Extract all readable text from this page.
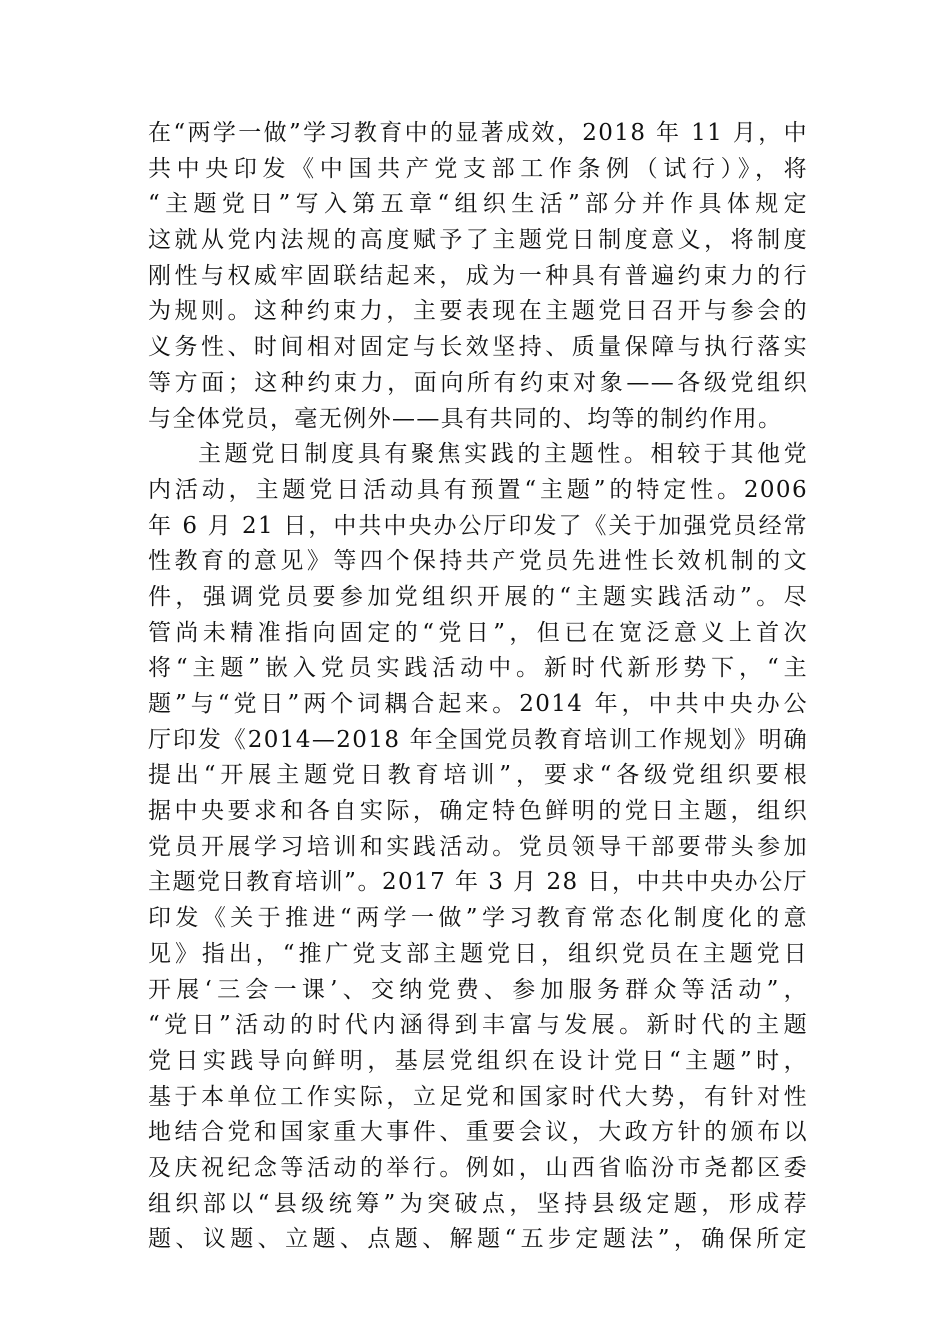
在“两学一做”学习教育中的显著成效，2018 年 11 月，中
共中央印发《中国共产党支部工作条例（试行）》，将
“主题党日”写入第五章“组织生活”部分并作具体规定
这就从党内法规的高度赋予了主题党日制度意义，将制度
刚性与权威牢固联结起来，成为一种具有普遍约束力的行
为规则。这种约束力，主要表现在主题党日召开与参会的
义务性、时间相对固定与长效坚持、质量保障与执行落实
等方面；这种约束力，面向所有约束对象——各级党组织
与全体党员，毫无例外——具有共同的、均等的制约作用。
主题党日制度具有聚焦实践的主题性。相较于其他党
内活动，主题党日活动具有预置“主题”的特定性。2006
年 6 月 21 日，中共中央办公厅印发了《关于加强党员经常
性教育的意见》等四个保持共产党员先进性长效机制的文
件，强调党员要参加党组织开展的“主题实践活动”。尽
管尚未精准指向固定的“党日”，但已在宽泛意义上首次
将“主题”嵌入党员实践活动中。新时代新形势下，“主
题”与“党日”两个词耦合起来。2014 年，中共中央办公
厅印发《2014—2018 年全国党员教育培训工作规划》明确
提出“开展主题党日教育培训”，要求“各级党组织要根
据中央要求和各自实际，确定特色鲜明的党日主题，组织
党员开展学习培训和实践活动。党员领导干部要带头参加
主题党日教育培训”。2017 年 3 月 28 日，中共中央办公厅
印发《关于推进“两学一做”学习教育常态化制度化的意
见》指出，“推广党支部主题党日，组织党员在主题党日
开展‘三会一课’、交纳党费、参加服务群众等活动”，
“党日”活动的时代内涵得到丰富与发展。新时代的主题
党日实践导向鲜明，基层党组织在设计党日“主题”时，
基于本单位工作实际，立足党和国家时代大势，有针对性
地结合党和国家重大事件、重要会议，大政方针的颁布以
及庆祝纪念等活动的举行。例如，山西省临汾市尧都区委
组织部以“县级统筹”为突破点，坚持县级定题，形成荐
题、议题、立题、点题、解题“五步定题法”，确保所定
